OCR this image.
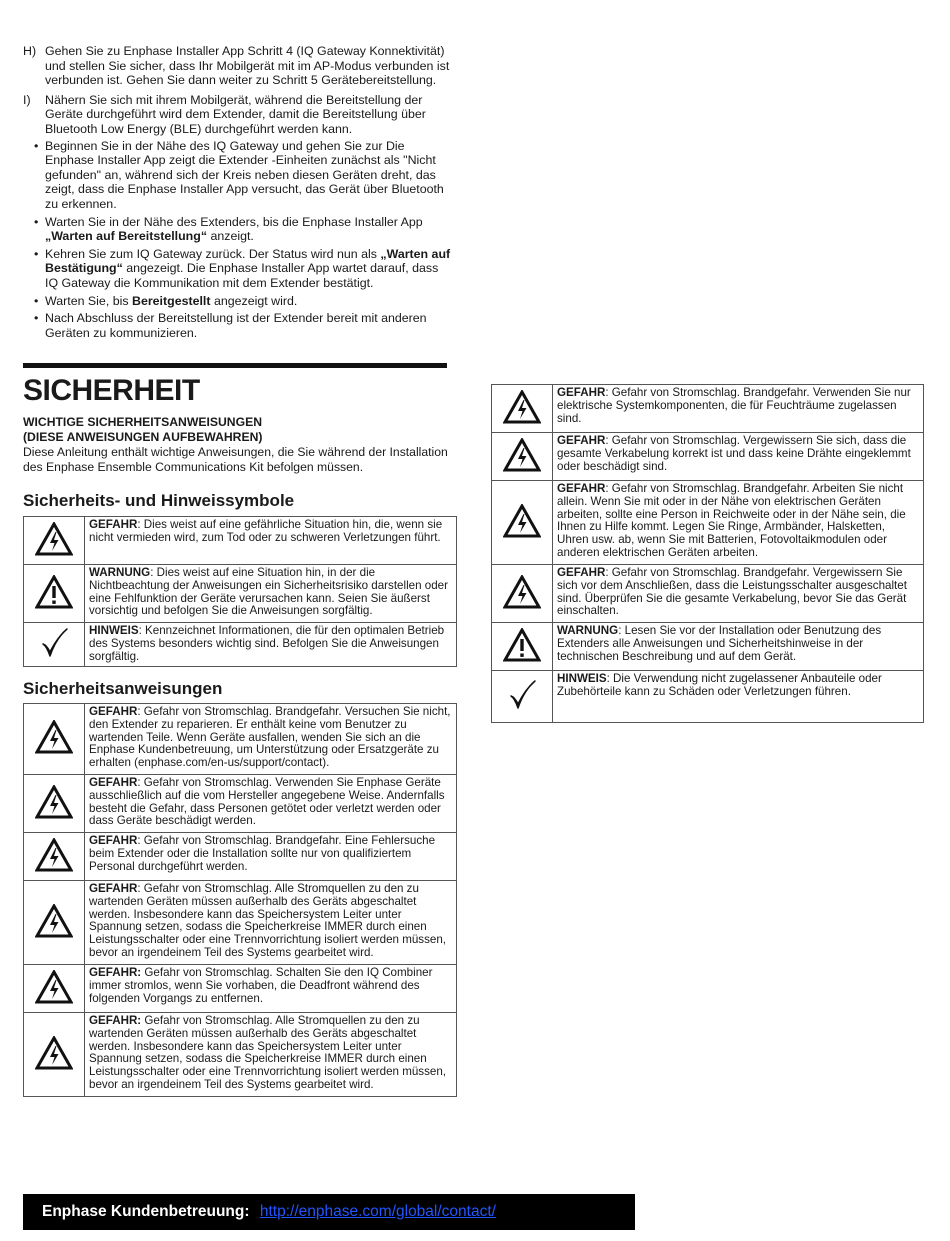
H) Gehen Sie zu Enphase Installer App Schritt 4 (IQ Gateway Konnektivität) und stellen Sie sicher, dass Ihr Mobilgerät mit im AP-Modus verbunden ist verbunden ist. Gehen Sie dann weiter zu Schritt 5 Gerätebereitstellung.
I) Nähern Sie sich mit ihrem Mobilgerät, während die Bereitstellung der Geräte durchgeführt wird dem Extender, damit die Bereitstellung über Bluetooth Low Energy (BLE) durchgeführt werden kann.
• Beginnen Sie in der Nähe des IQ Gateway und gehen Sie zur Die Enphase Installer App zeigt die Extender -Einheiten zunächst als "Nicht gefunden" an, während sich der Kreis neben diesen Geräten dreht, das zeigt, dass die Enphase Installer App versucht, das Gerät über Bluetooth zu erkennen.
• Warten Sie in der Nähe des Extenders, bis die Enphase Installer App „Warten auf Bereitstellung“ anzeigt.
• Kehren Sie zum IQ Gateway zurück. Der Status wird nun als „Warten auf Bestätigung“ angezeigt. Die Enphase Installer App wartet darauf, dass IQ Gateway die Kommunikation mit dem Extender bestätigt.
• Warten Sie, bis Bereitgestellt angezeigt wird.
• Nach Abschluss der Bereitstellung ist der Extender bereit mit anderen Geräten zu kommunizieren.
SICHERHEIT
WICHTIGE SICHERHEITSANWEISUNGEN
(DIESE ANWEISUNGEN AUFBEWAHREN)
Diese Anleitung enthält wichtige Anweisungen, die Sie während der Installation des Enphase Ensemble Communications Kit befolgen müssen.
Sicherheits- und Hinweissymbole
	GEFAHR: Dies weist auf eine gefährliche Situation hin, die, wenn sie nicht vermieden wird, zum Tod oder zu schweren Verletzungen führt.
	WARNUNG: Dies weist auf eine Situation hin, in der die Nichtbeachtung der Anweisungen ein Sicherheitsrisiko darstellen oder eine Fehlfunktion der Geräte verursachen kann. Seien Sie äußerst vorsichtig und befolgen Sie die Anweisungen sorgfältig.
	HINWEIS: Kennzeichnet Informationen, die für den optimalen Betrieb des Systems besonders wichtig sind. Befolgen Sie die Anweisungen sorgfältig.
Sicherheitsanweisungen
	GEFAHR: Gefahr von Stromschlag. Brandgefahr. Versuchen Sie nicht, den Extender zu reparieren. Er enthält keine vom Benutzer zu wartenden Teile. Wenn Geräte ausfallen, wenden Sie sich an die Enphase Kundenbetreuung, um Unterstützung oder Ersatzgeräte zu erhalten (enphase.com/en-us/support/contact).
	GEFAHR: Gefahr von Stromschlag. Verwenden Sie Enphase Geräte ausschließlich auf die vom Hersteller angegebene Weise. Andernfalls besteht die Gefahr, dass Personen getötet oder verletzt werden oder dass Geräte beschädigt werden.
	GEFAHR: Gefahr von Stromschlag. Brandgefahr. Eine Fehlersuche beim Extender oder die Installation sollte nur von qualifiziertem Personal durchgeführt werden.
	GEFAHR: Gefahr von Stromschlag. Alle Stromquellen zu den zu wartenden Geräten müssen außerhalb des Geräts abgeschaltet werden. Insbesondere kann das Speichersystem Leiter unter Spannung setzen, sodass die Speicherkreise IMMER durch einen Leistungsschalter oder eine Trennvorrichtung isoliert werden müssen, bevor an irgendeinem Teil des Systems gearbeitet wird.
	GEFAHR: Gefahr von Stromschlag. Schalten Sie den IQ Combiner immer stromlos, wenn Sie vorhaben, die Deadfront während des folgenden Vorgangs zu entfernen.
	GEFAHR: Gefahr von Stromschlag. Alle Stromquellen zu den zu wartenden Geräten müssen außerhalb des Geräts abgeschaltet werden. Insbesondere kann das Speichersystem Leiter unter Spannung setzen, sodass die Speicherkreise IMMER durch einen Leistungsschalter oder eine Trennvorrichtung isoliert werden müssen, bevor an irgendeinem Teil des Systems gearbeitet wird.
	GEFAHR: Gefahr von Stromschlag. Brandgefahr. Verwenden Sie nur elektrische Systemkomponenten, die für Feuchträume zugelassen sind.
	GEFAHR: Gefahr von Stromschlag. Vergewissern Sie sich, dass die gesamte Verkabelung korrekt ist und dass keine Drähte eingeklemmt oder beschädigt sind.
	GEFAHR: Gefahr von Stromschlag. Brandgefahr. Arbeiten Sie nicht allein. Wenn Sie mit oder in der Nähe von elektrischen Geräten arbeiten, sollte eine Person in Reichweite oder in der Nähe sein, die Ihnen zu Hilfe kommt. Legen Sie Ringe, Armbänder, Halsketten, Uhren usw. ab, wenn Sie mit Batterien, Fotovoltaikmodulen oder anderen elektrischen Geräten arbeiten.
	GEFAHR: Gefahr von Stromschlag. Brandgefahr. Vergewissern Sie sich vor dem Anschließen, dass die Leistungsschalter ausgeschaltet sind. Überprüfen Sie die gesamte Verkabelung, bevor Sie das Gerät einschalten.
	WARNUNG: Lesen Sie vor der Installation oder Benutzung des Extenders alle Anweisungen und Sicherheitshinweise in der technischen Beschreibung und auf dem Gerät.
	HINWEIS: Die Verwendung nicht zugelassener Anbauteile oder Zubehörteile kann zu Schäden oder Verletzungen führen.
Enphase Kundenbetreuung: http://enphase.com/global/contact/
